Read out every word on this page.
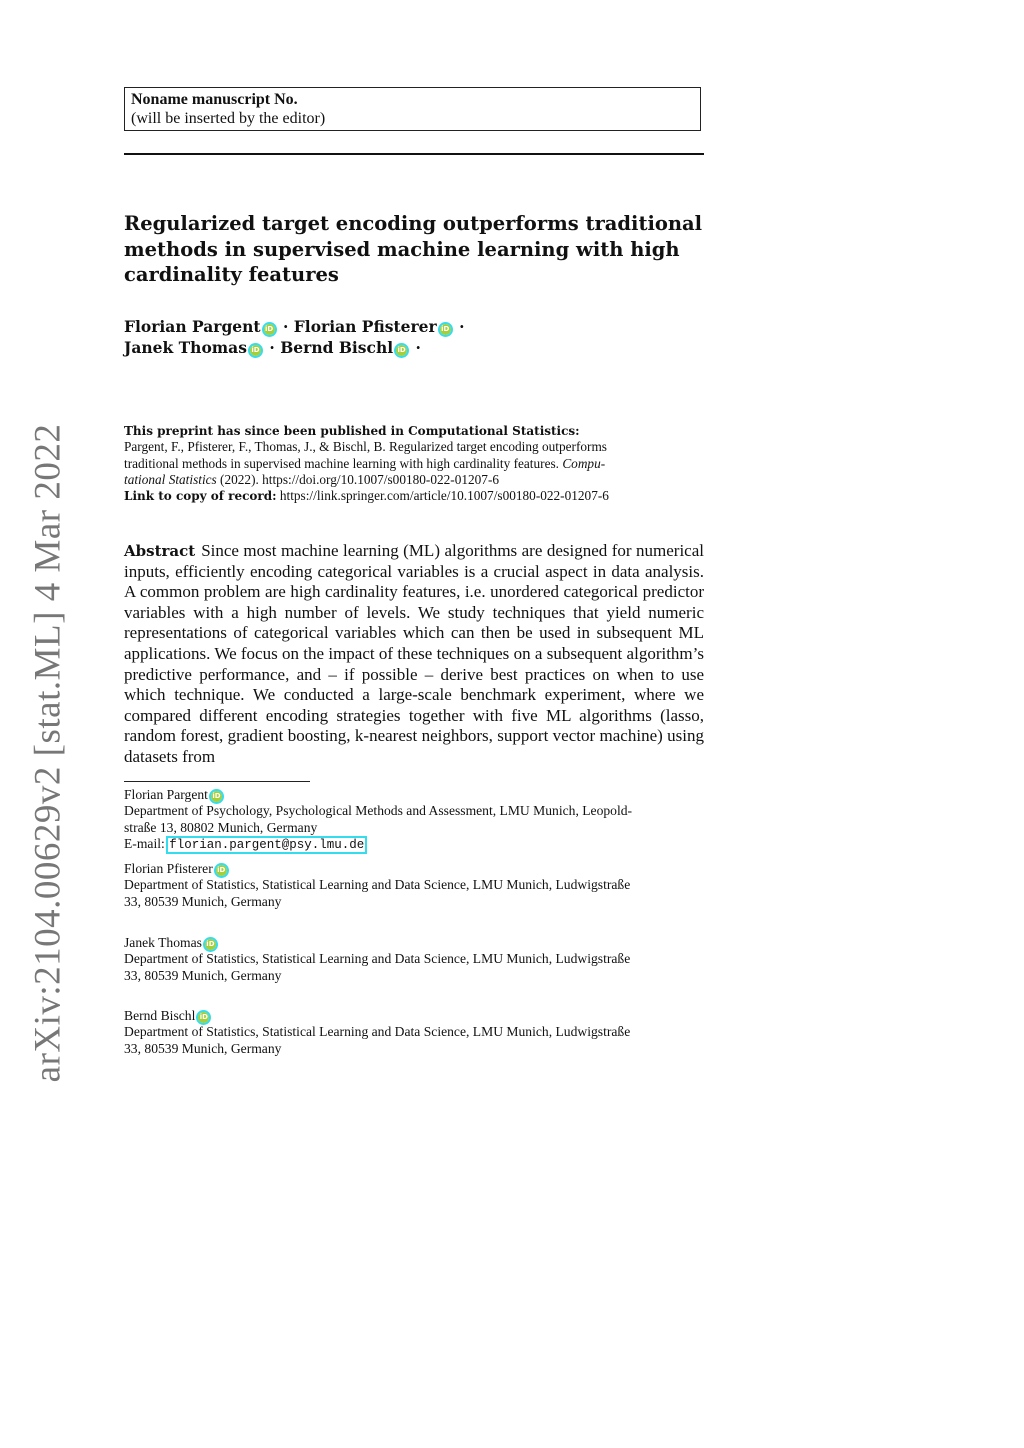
arXiv:2104.00629v2 [stat.ML] 4 Mar 2022
Noname manuscript No.
(will be inserted by the editor)
Regularized target encoding outperforms traditional
methods in supervised machine learning with high
cardinality features
Florian Pargent iD · Florian Pfisterer iD ·
Janek Thomas iD · Bernd Bischl iD ·
This preprint has since been published in Computational Statistics:
Pargent, F., Pfisterer, F., Thomas, J., & Bischl, B. Regularized target encoding outperforms
traditional methods in supervised machine learning with high cardinality features. Compu-
tational Statistics (2022). https://doi.org/10.1007/s00180-022-01207-6
Link to copy of record: https://link.springer.com/article/10.1007/s00180-022-01207-6
Abstract Since most machine learning (ML) algorithms are designed for numerical inputs, efficiently encoding categorical variables is a crucial aspect in data analysis. A common problem are high cardinality features, i.e. unordered categorical predictor variables with a high number of levels. We study techniques that yield numeric representations of categorical variables which can then be used in subsequent ML applications. We focus on the impact of these techniques on a subsequent algorithm’s predictive performance, and – if possible – derive best practices on when to use which technique. We conducted a large-scale benchmark experiment, where we compared different encoding strategies together with five ML algorithms (lasso, random forest, gradient boosting, k-nearest neighbors, support vector machine) using datasets from
Florian Pargent iD
Department of Psychology, Psychological Methods and Assessment, LMU Munich, Leopold-
straße 13, 80802 Munich, Germany
E-mail: florian.pargent@psy.lmu.de
Florian Pfisterer iD
Department of Statistics, Statistical Learning and Data Science, LMU Munich, Ludwigstraße
33, 80539 Munich, Germany
Janek Thomas iD
Department of Statistics, Statistical Learning and Data Science, LMU Munich, Ludwigstraße
33, 80539 Munich, Germany
Bernd Bischl iD
Department of Statistics, Statistical Learning and Data Science, LMU Munich, Ludwigstraße
33, 80539 Munich, Germany
